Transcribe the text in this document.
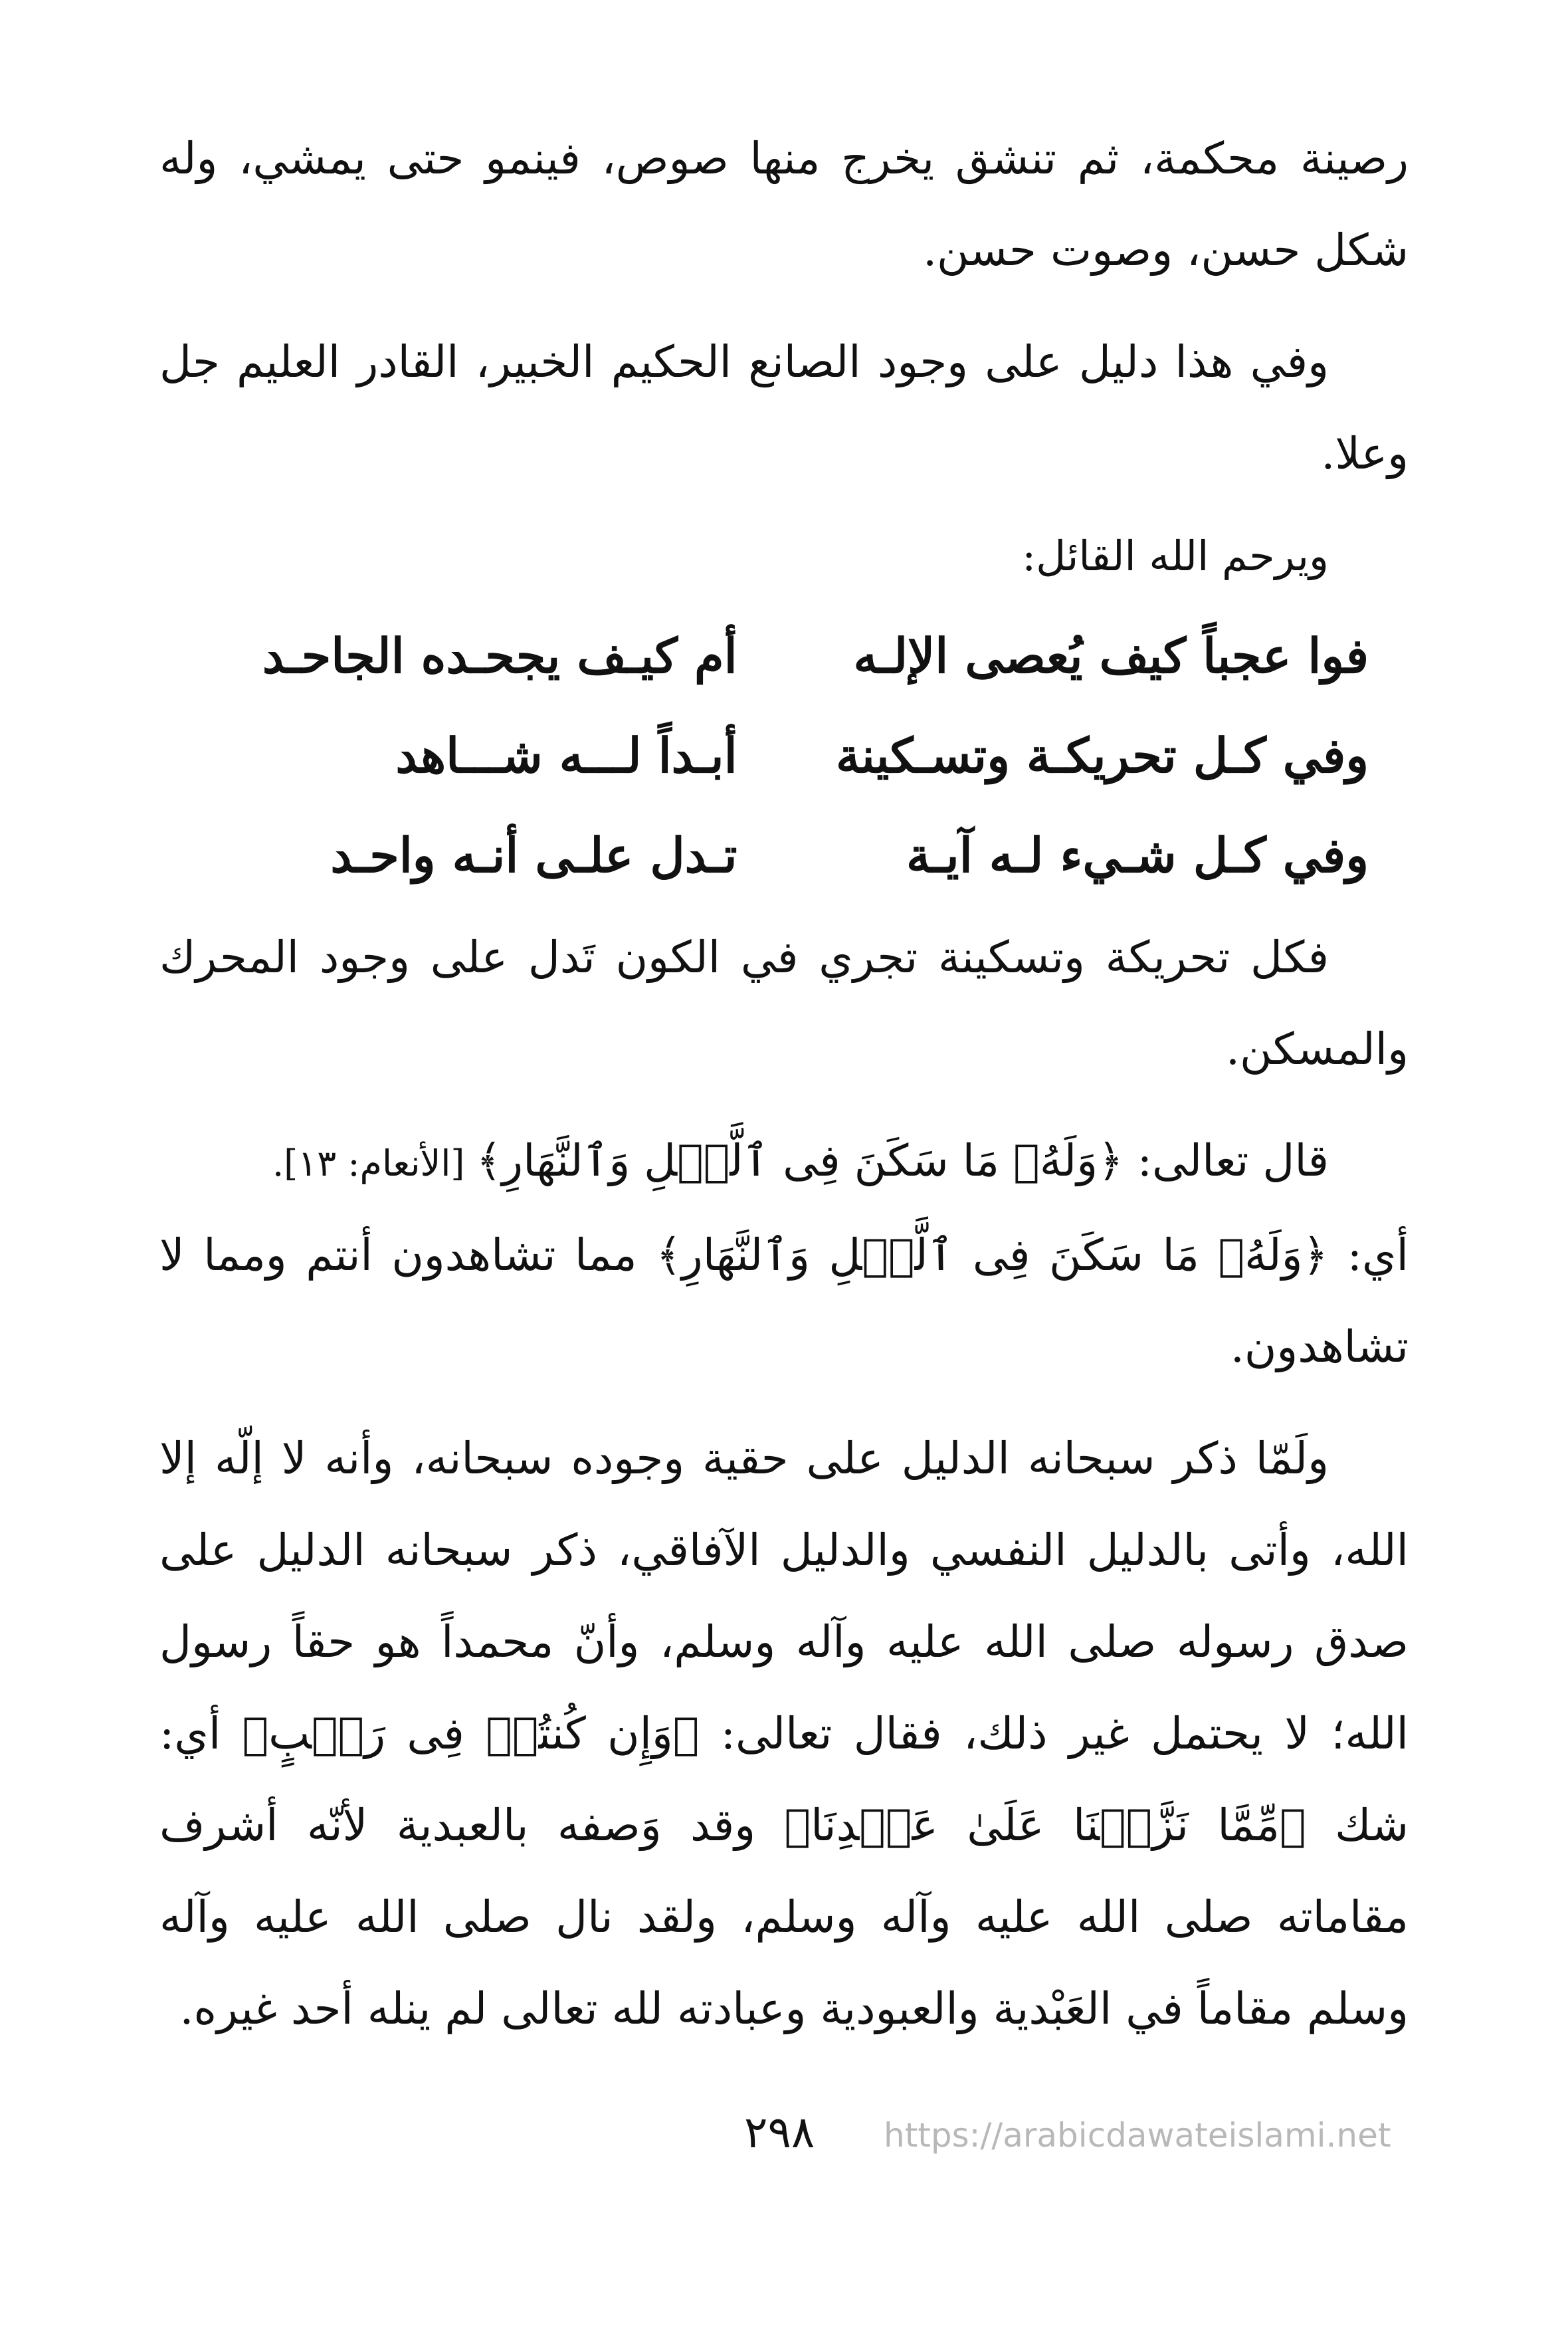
رصينة محكمة، ثم تنشق يخرج منها صوص، فينمو حتى يمشي، وله شكل حسن، وصوت حسن.

وفي هذا دليل على وجود الصانع الحكيم الخبير، القادر العليم جل وعلا.

ويرحم الله القائل:

فوا عجباً كيف يُعصى الإلـه
أم كيـف يجحـده الجاحـد
وفي كـل تحريكـة وتسـكينة
أبـداً لـــه شـــاهد
وفي كـل شـيء لـه آيـة
تـدل علـى أنـه واحـد

فكل تحريكة وتسكينة تجري في الكون تَدل على وجود المحرك والمسكن.

قال تعالى: ﴿وَلَهُۥ مَا سَكَنَ فِى ٱلَّيۡلِ وَٱلنَّهَارِ﴾ [الأنعام: ١٣].

أي: ﴿وَلَهُۥ مَا سَكَنَ فِى ٱلَّيۡلِ وَٱلنَّهَارِ﴾ مما تشاهدون أنتم ومما لا تشاهدون.

ولَمّا ذكر سبحانه الدليل على حقية وجوده سبحانه، وأنه لا إلّه إلا الله، وأتى بالدليل النفسي والدليل الآفاقي، ذكر سبحانه الدليل على صدق رسوله صلى الله عليه وآله وسلم، وأنّ محمداً هو حقاً رسول الله؛ لا يحتمل غير ذلك، فقال تعالى: ﴿وَإِن كُنتُمۡ فِى رَيۡبٍ﴾ أي: شك ﴿مِّمَّا نَزَّلۡنَا عَلَىٰ عَبۡدِنَا﴾ وقد وَصفه بالعبدية لأنّه أشرف مقاماته صلى الله عليه وآله وسلم، ولقد نال صلى الله عليه وآله وسلم مقاماً في العَبْدية والعبودية وعبادته لله تعالى لم ينله أحد غيره.

٢٩٨ https://arabicdawateislami.net
